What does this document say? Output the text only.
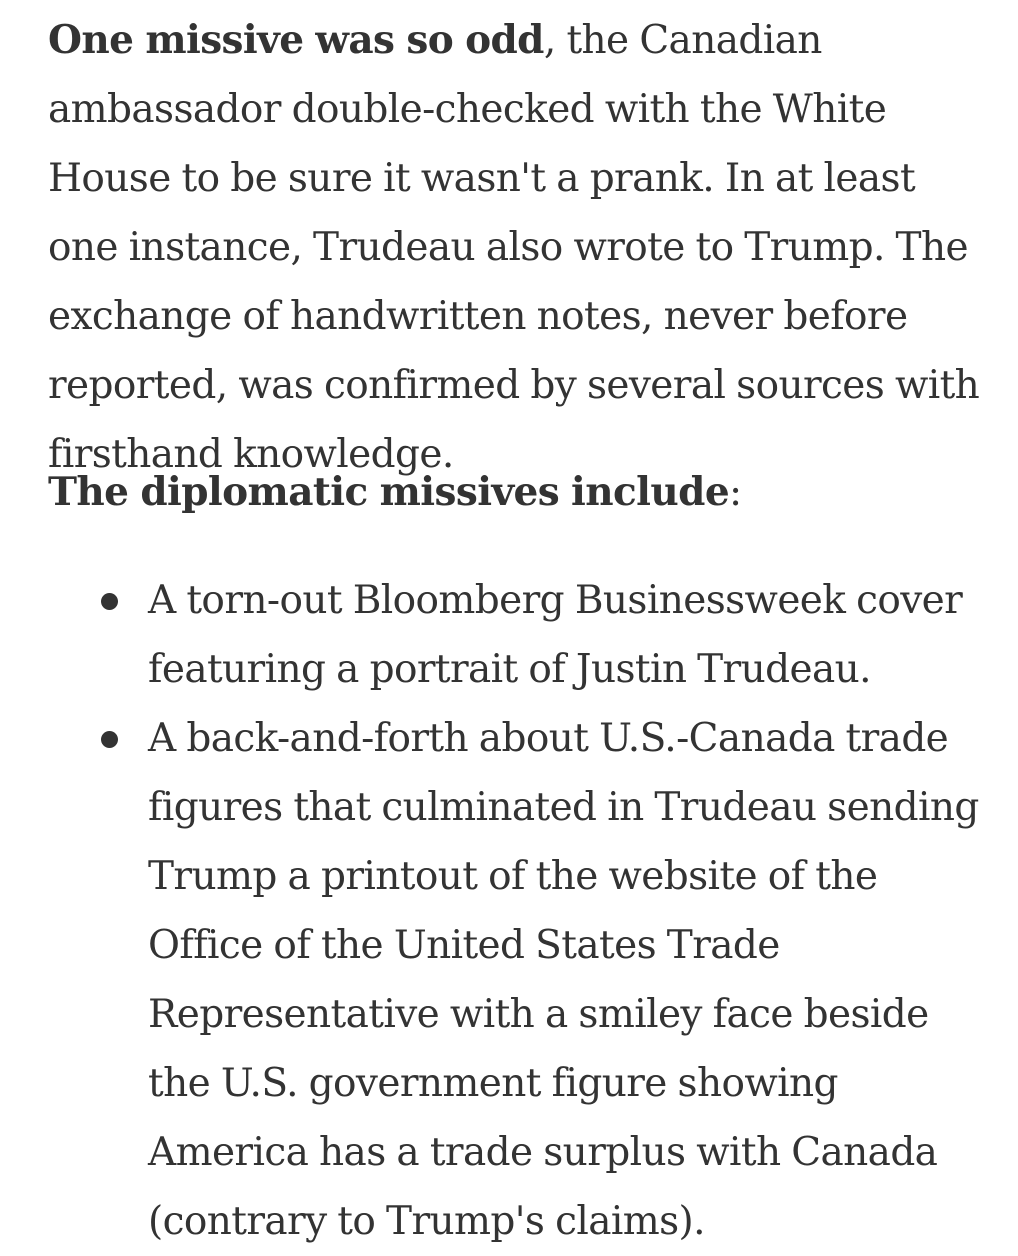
One missive was so odd, the Canadian ambassador double-checked with the White House to be sure it wasn't a prank. In at least one instance, Trudeau also wrote to Trump. The exchange of handwritten notes, never before reported, was confirmed by several sources with firsthand knowledge.

The diplomatic missives include:

A torn-out Bloomberg Businessweek cover featuring a portrait of Justin Trudeau.
A back-and-forth about U.S.-Canada trade figures that culminated in Trudeau sending Trump a printout of the website of the Office of the United States Trade Representative with a smiley face beside the U.S. government figure showing America has a trade surplus with Canada (contrary to Trump's claims).
